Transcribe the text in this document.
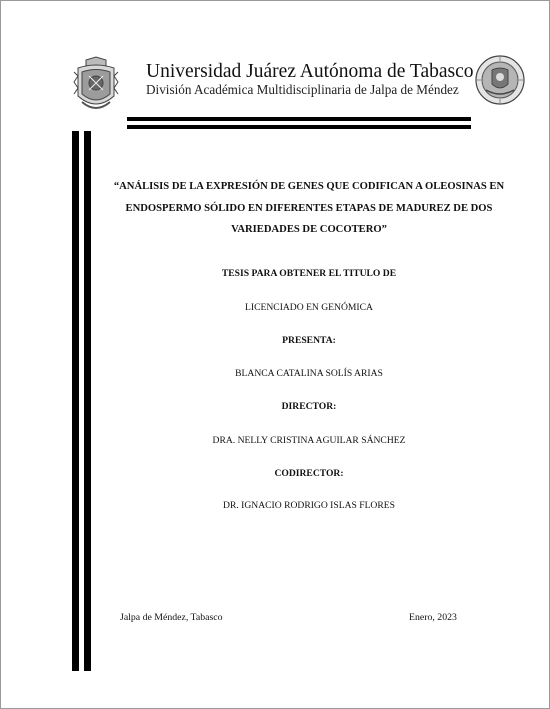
Universidad Juárez Autónoma de Tabasco
División Académica Multidisciplinaria de Jalpa de Méndez
“ANÁLISIS DE LA EXPRESIÓN DE GENES QUE CODIFICAN A OLEOSINAS EN ENDOSPERMO SÓLIDO EN DIFERENTES ETAPAS DE MADUREZ DE DOS VARIEDADES DE COCOTERO”
TESIS PARA OBTENER EL TITULO DE
LICENCIADO EN GENÓMICA
PRESENTA:
BLANCA CATALINA SOLÍS ARIAS
DIRECTOR:
DRA. NELLY CRISTINA AGUILAR SÁNCHEZ
CODIRECTOR:
DR. IGNACIO RODRIGO ISLAS FLORES
Jalpa de Méndez, Tabasco	Enero, 2023
